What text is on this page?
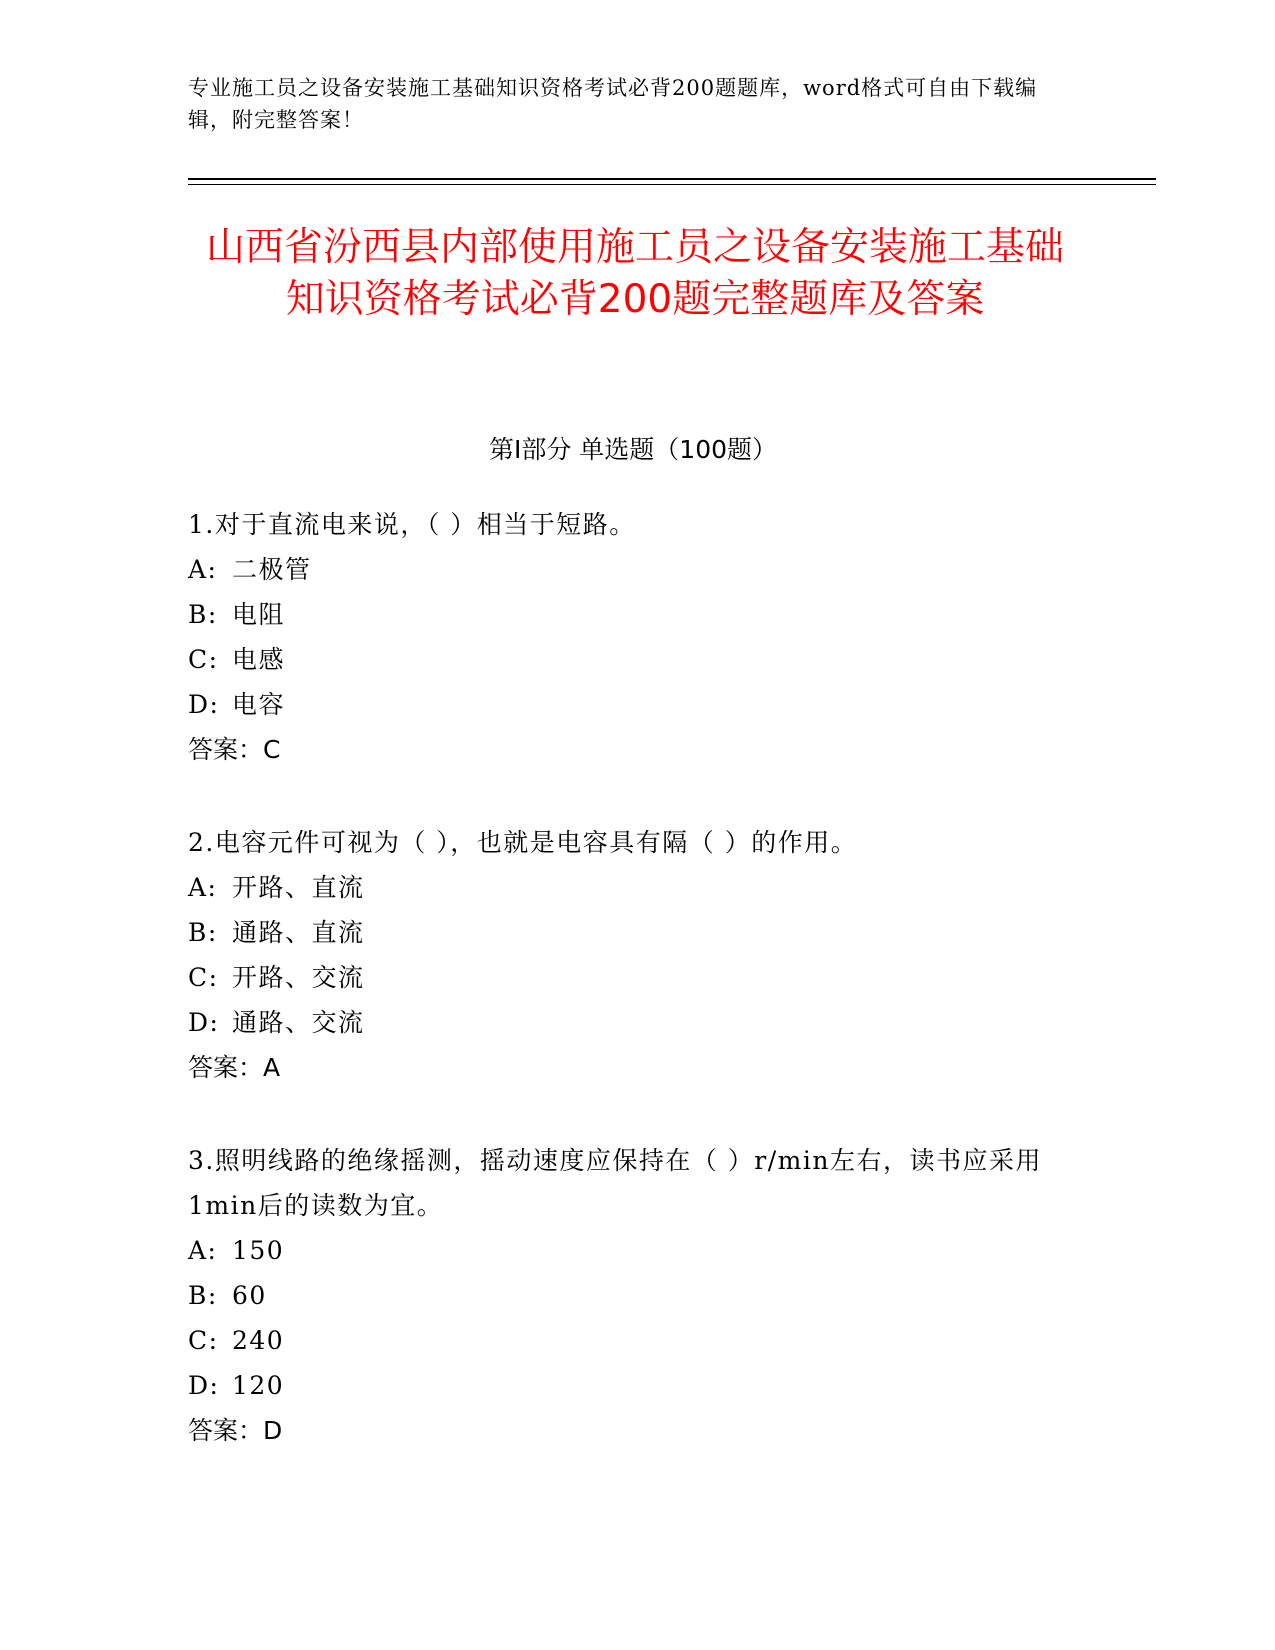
专业施工员之设备安装施工基础知识资格考试必背200题题库，word格式可自由下载编辑，附完整答案！
山西省汾西县内部使用施工员之设备安装施工基础知识资格考试必背200题完整题库及答案
第Ⅰ部分 单选题（100题）

1.对于直流电来说，（ ）相当于短路。

A: 二极管

B: 电阻

C: 电感

D: 电容

答案：C

2.电容元件可视为（ ），也就是电容具有隔（ ）的作用。

A: 开路、直流

B: 通路、直流

C: 开路、交流

D: 通路、交流

答案：A

3.照明线路的绝缘摇测，摇动速度应保持在（ ）r/min左右，读书应采用1min后的读数为宜。

A: 150

B: 60

C: 240

D: 120

答案：D
